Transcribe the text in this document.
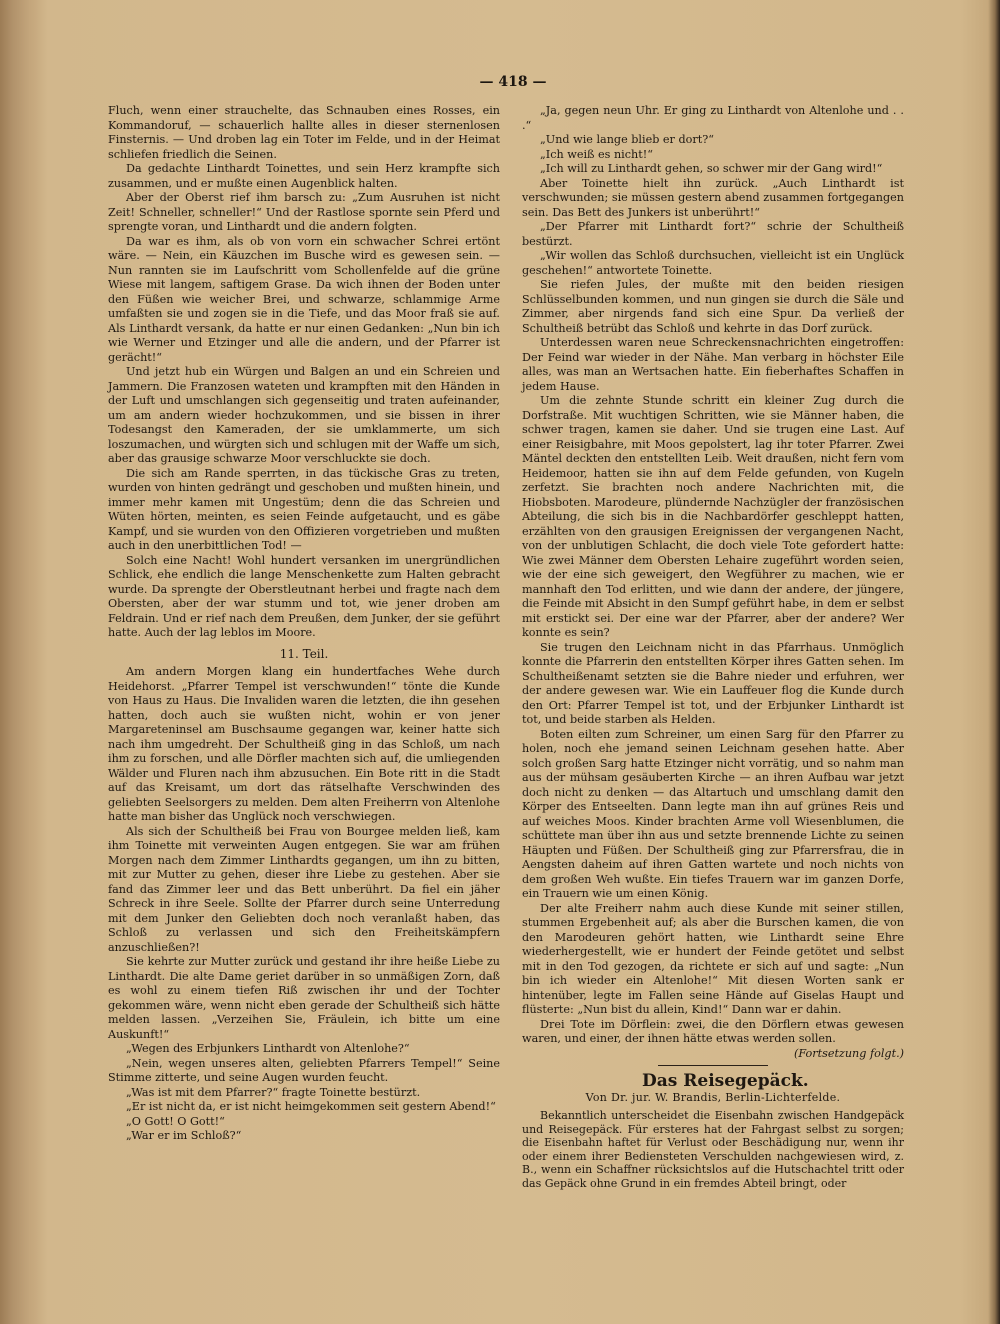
— 418 —

Fluch, wenn einer strauchelte, das Schnauben eines Rosses, ein Kommandoruf, — schauerlich hallte alles in dieser sternenlosen Finsternis. — Und droben lag ein Toter im Felde, und in der Heimat schliefen friedlich die Seinen.

Da gedachte Linthardt Toinettes, und sein Herz krampfte sich zusammen, und er mußte einen Augenblick halten.

Aber der Oberst rief ihm barsch zu: „Zum Ausruhen ist nicht Zeit! Schneller, schneller!“ Und der Rastlose spornte sein Pferd und sprengte voran, und Linthardt und die andern folgten.

Da war es ihm, als ob von vorn ein schwacher Schrei ertönt wäre. — Nein, ein Käuzchen im Busche wird es gewesen sein. — Nun rannten sie im Laufschritt vom Schollenfelde auf die grüne Wiese mit langem, saftigem Grase. Da wich ihnen der Boden unter den Füßen wie weicher Brei, und schwarze, schlammige Arme umfaßten sie und zogen sie in die Tiefe, und das Moor fraß sie auf. Als Linthardt versank, da hatte er nur einen Gedanken: „Nun bin ich wie Werner und Etzinger und alle die andern, und der Pfarrer ist gerächt!“

Und jetzt hub ein Würgen und Balgen an und ein Schreien und Jammern. Die Franzosen wateten und krampften mit den Händen in der Luft und umschlangen sich gegenseitig und traten aufeinander, um am andern wieder hochzukommen, und sie bissen in ihrer Todesangst den Kameraden, der sie umklammerte, um sich loszumachen, und würgten sich und schlugen mit der Waffe um sich, aber das grausige schwarze Moor verschluckte sie doch.

Die sich am Rande sperrten, in das tückische Gras zu treten, wurden von hinten gedrängt und geschoben und mußten hinein, und immer mehr kamen mit Ungestüm; denn die das Schreien und Wüten hörten, meinten, es seien Feinde aufgetaucht, und es gäbe Kampf, und sie wurden von den Offizieren vorgetrieben und mußten auch in den unerbittlichen Tod! —

Solch eine Nacht! Wohl hundert versanken im unergründlichen Schlick, ehe endlich die lange Menschenkette zum Halten gebracht wurde. Da sprengte der Oberstleutnant herbei und fragte nach dem Obersten, aber der war stumm und tot, wie jener droben am Feldrain. Und er rief nach dem Preußen, dem Junker, der sie geführt hatte. Auch der lag leblos im Moore.

11. Teil.

Am andern Morgen klang ein hundertfaches Wehe durch Heidehorst. „Pfarrer Tempel ist verschwunden!“ tönte die Kunde von Haus zu Haus. Die Invaliden waren die letzten, die ihn gesehen hatten, doch auch sie wußten nicht, wohin er von jener Margareteninsel am Buschsaume gegangen war, keiner hatte sich nach ihm umgedreht. Der Schultheiß ging in das Schloß, um nach ihm zu forschen, und alle Dörfler machten sich auf, die umliegenden Wälder und Fluren nach ihm abzusuchen. Ein Bote ritt in die Stadt auf das Kreisamt, um dort das rätselhafte Verschwinden des geliebten Seelsorgers zu melden. Dem alten Freiherrn von Altenlohe hatte man bisher das Unglück noch verschwiegen.

Als sich der Schultheiß bei Frau von Bourgee melden ließ, kam ihm Toinette mit verweinten Augen entgegen. Sie war am frühen Morgen nach dem Zimmer Linthardts gegangen, um ihn zu bitten, mit zur Mutter zu gehen, dieser ihre Liebe zu gestehen. Aber sie fand das Zimmer leer und das Bett unberührt. Da fiel ein jäher Schreck in ihre Seele. Sollte der Pfarrer durch seine Unterredung mit dem Junker den Geliebten doch noch veranlaßt haben, das Schloß zu verlassen und sich den Freiheitskämpfern anzuschließen?!

Sie kehrte zur Mutter zurück und gestand ihr ihre heiße Liebe zu Linthardt. Die alte Dame geriet darüber in so unmäßigen Zorn, daß es wohl zu einem tiefen Riß zwischen ihr und der Tochter gekommen wäre, wenn nicht eben gerade der Schultheiß sich hätte melden lassen. „Verzeihen Sie, Fräulein, ich bitte um eine Auskunft!“

„Wegen des Erbjunkers Linthardt von Altenlohe?“

„Nein, wegen unseres alten, geliebten Pfarrers Tempel!“ Seine Stimme zitterte, und seine Augen wurden feucht.

„Was ist mit dem Pfarrer?“ fragte Toinette bestürzt.

„Er ist nicht da, er ist nicht heimgekommen seit gestern Abend!“

„O Gott! O Gott!“

„War er im Schloß?“

„Ja, gegen neun Uhr. Er ging zu Linthardt von Altenlohe und . . .“

„Und wie lange blieb er dort?“

„Ich weiß es nicht!“

„Ich will zu Linthardt gehen, so schwer mir der Gang wird!“

Aber Toinette hielt ihn zurück. „Auch Linthardt ist verschwunden; sie müssen gestern abend zusammen fortgegangen sein. Das Bett des Junkers ist unberührt!“

„Der Pfarrer mit Linthardt fort?“ schrie der Schultheiß bestürzt.

„Wir wollen das Schloß durchsuchen, vielleicht ist ein Unglück geschehen!“ antwortete Toinette.

Sie riefen Jules, der mußte mit den beiden riesigen Schlüsselbunden kommen, und nun gingen sie durch die Säle und Zimmer, aber nirgends fand sich eine Spur. Da verließ der Schultheiß betrübt das Schloß und kehrte in das Dorf zurück.

Unterdessen waren neue Schreckensnachrichten eingetroffen: Der Feind war wieder in der Nähe. Man verbarg in höchster Eile alles, was man an Wertsachen hatte. Ein fieberhaftes Schaffen in jedem Hause.

Um die zehnte Stunde schritt ein kleiner Zug durch die Dorfstraße. Mit wuchtigen Schritten, wie sie Männer haben, die schwer tragen, kamen sie daher. Und sie trugen eine Last. Auf einer Reisigbahre, mit Moos gepolstert, lag ihr toter Pfarrer. Zwei Mäntel deckten den entstellten Leib. Weit draußen, nicht fern vom Heidemoor, hatten sie ihn auf dem Felde gefunden, von Kugeln zerfetzt. Sie brachten noch andere Nachrichten mit, die Hiobsboten. Marodeure, plündernde Nachzügler der französischen Abteilung, die sich bis in die Nachbardörfer geschleppt hatten, erzählten von den grausigen Ereignissen der vergangenen Nacht, von der unblutigen Schlacht, die doch viele Tote gefordert hatte: Wie zwei Männer dem Obersten Lehaire zugeführt worden seien, wie der eine sich geweigert, den Wegführer zu machen, wie er mannhaft den Tod erlitten, und wie dann der andere, der jüngere, die Feinde mit Absicht in den Sumpf geführt habe, in dem er selbst mit erstickt sei. Der eine war der Pfarrer, aber der andere? Wer konnte es sein?

Sie trugen den Leichnam nicht in das Pfarrhaus. Unmöglich konnte die Pfarrerin den entstellten Körper ihres Gatten sehen. Im Schultheißenamt setzten sie die Bahre nieder und erfuhren, wer der andere gewesen war. Wie ein Lauffeuer flog die Kunde durch den Ort: Pfarrer Tempel ist tot, und der Erbjunker Linthardt ist tot, und beide starben als Helden.

Boten eilten zum Schreiner, um einen Sarg für den Pfarrer zu holen, noch ehe jemand seinen Leichnam gesehen hatte. Aber solch großen Sarg hatte Etzinger nicht vorrätig, und so nahm man aus der mühsam gesäuberten Kirche — an ihren Aufbau war jetzt doch nicht zu denken — das Altartuch und umschlang damit den Körper des Entseelten. Dann legte man ihn auf grünes Reis und auf weiches Moos. Kinder brachten Arme voll Wiesenblumen, die schüttete man über ihn aus und setzte brennende Lichte zu seinen Häupten und Füßen. Der Schultheiß ging zur Pfarrersfrau, die in Aengsten daheim auf ihren Gatten wartete und noch nichts von dem großen Weh wußte. Ein tiefes Trauern war im ganzen Dorfe, ein Trauern wie um einen König.

Der alte Freiherr nahm auch diese Kunde mit seiner stillen, stummen Ergebenheit auf; als aber die Burschen kamen, die von den Marodeuren gehört hatten, wie Linthardt seine Ehre wiederhergestellt, wie er hundert der Feinde getötet und selbst mit in den Tod gezogen, da richtete er sich auf und sagte: „Nun bin ich wieder ein Altenlohe!“ Mit diesen Worten sank er hintenüber, legte im Fallen seine Hände auf Giselas Haupt und flüsterte: „Nun bist du allein, Kind!“ Dann war er dahin.

Drei Tote im Dörflein: zwei, die den Dörflern etwas gewesen waren, und einer, der ihnen hätte etwas werden sollen.

(Fortsetzung folgt.)

Das Reisegepäck.
Von Dr. jur. W. Brandis, Berlin-Lichterfelde.

Bekanntlich unterscheidet die Eisenbahn zwischen Handgepäck und Reisegepäck. Für ersteres hat der Fahrgast selbst zu sorgen; die Eisenbahn haftet für Verlust oder Beschädigung nur, wenn ihr oder einem ihrer Bediensteten Verschulden nachgewiesen wird, z. B., wenn ein Schaffner rücksichtslos auf die Hutschachtel tritt oder das Gepäck ohne Grund in ein fremdes Abteil bringt, oder
